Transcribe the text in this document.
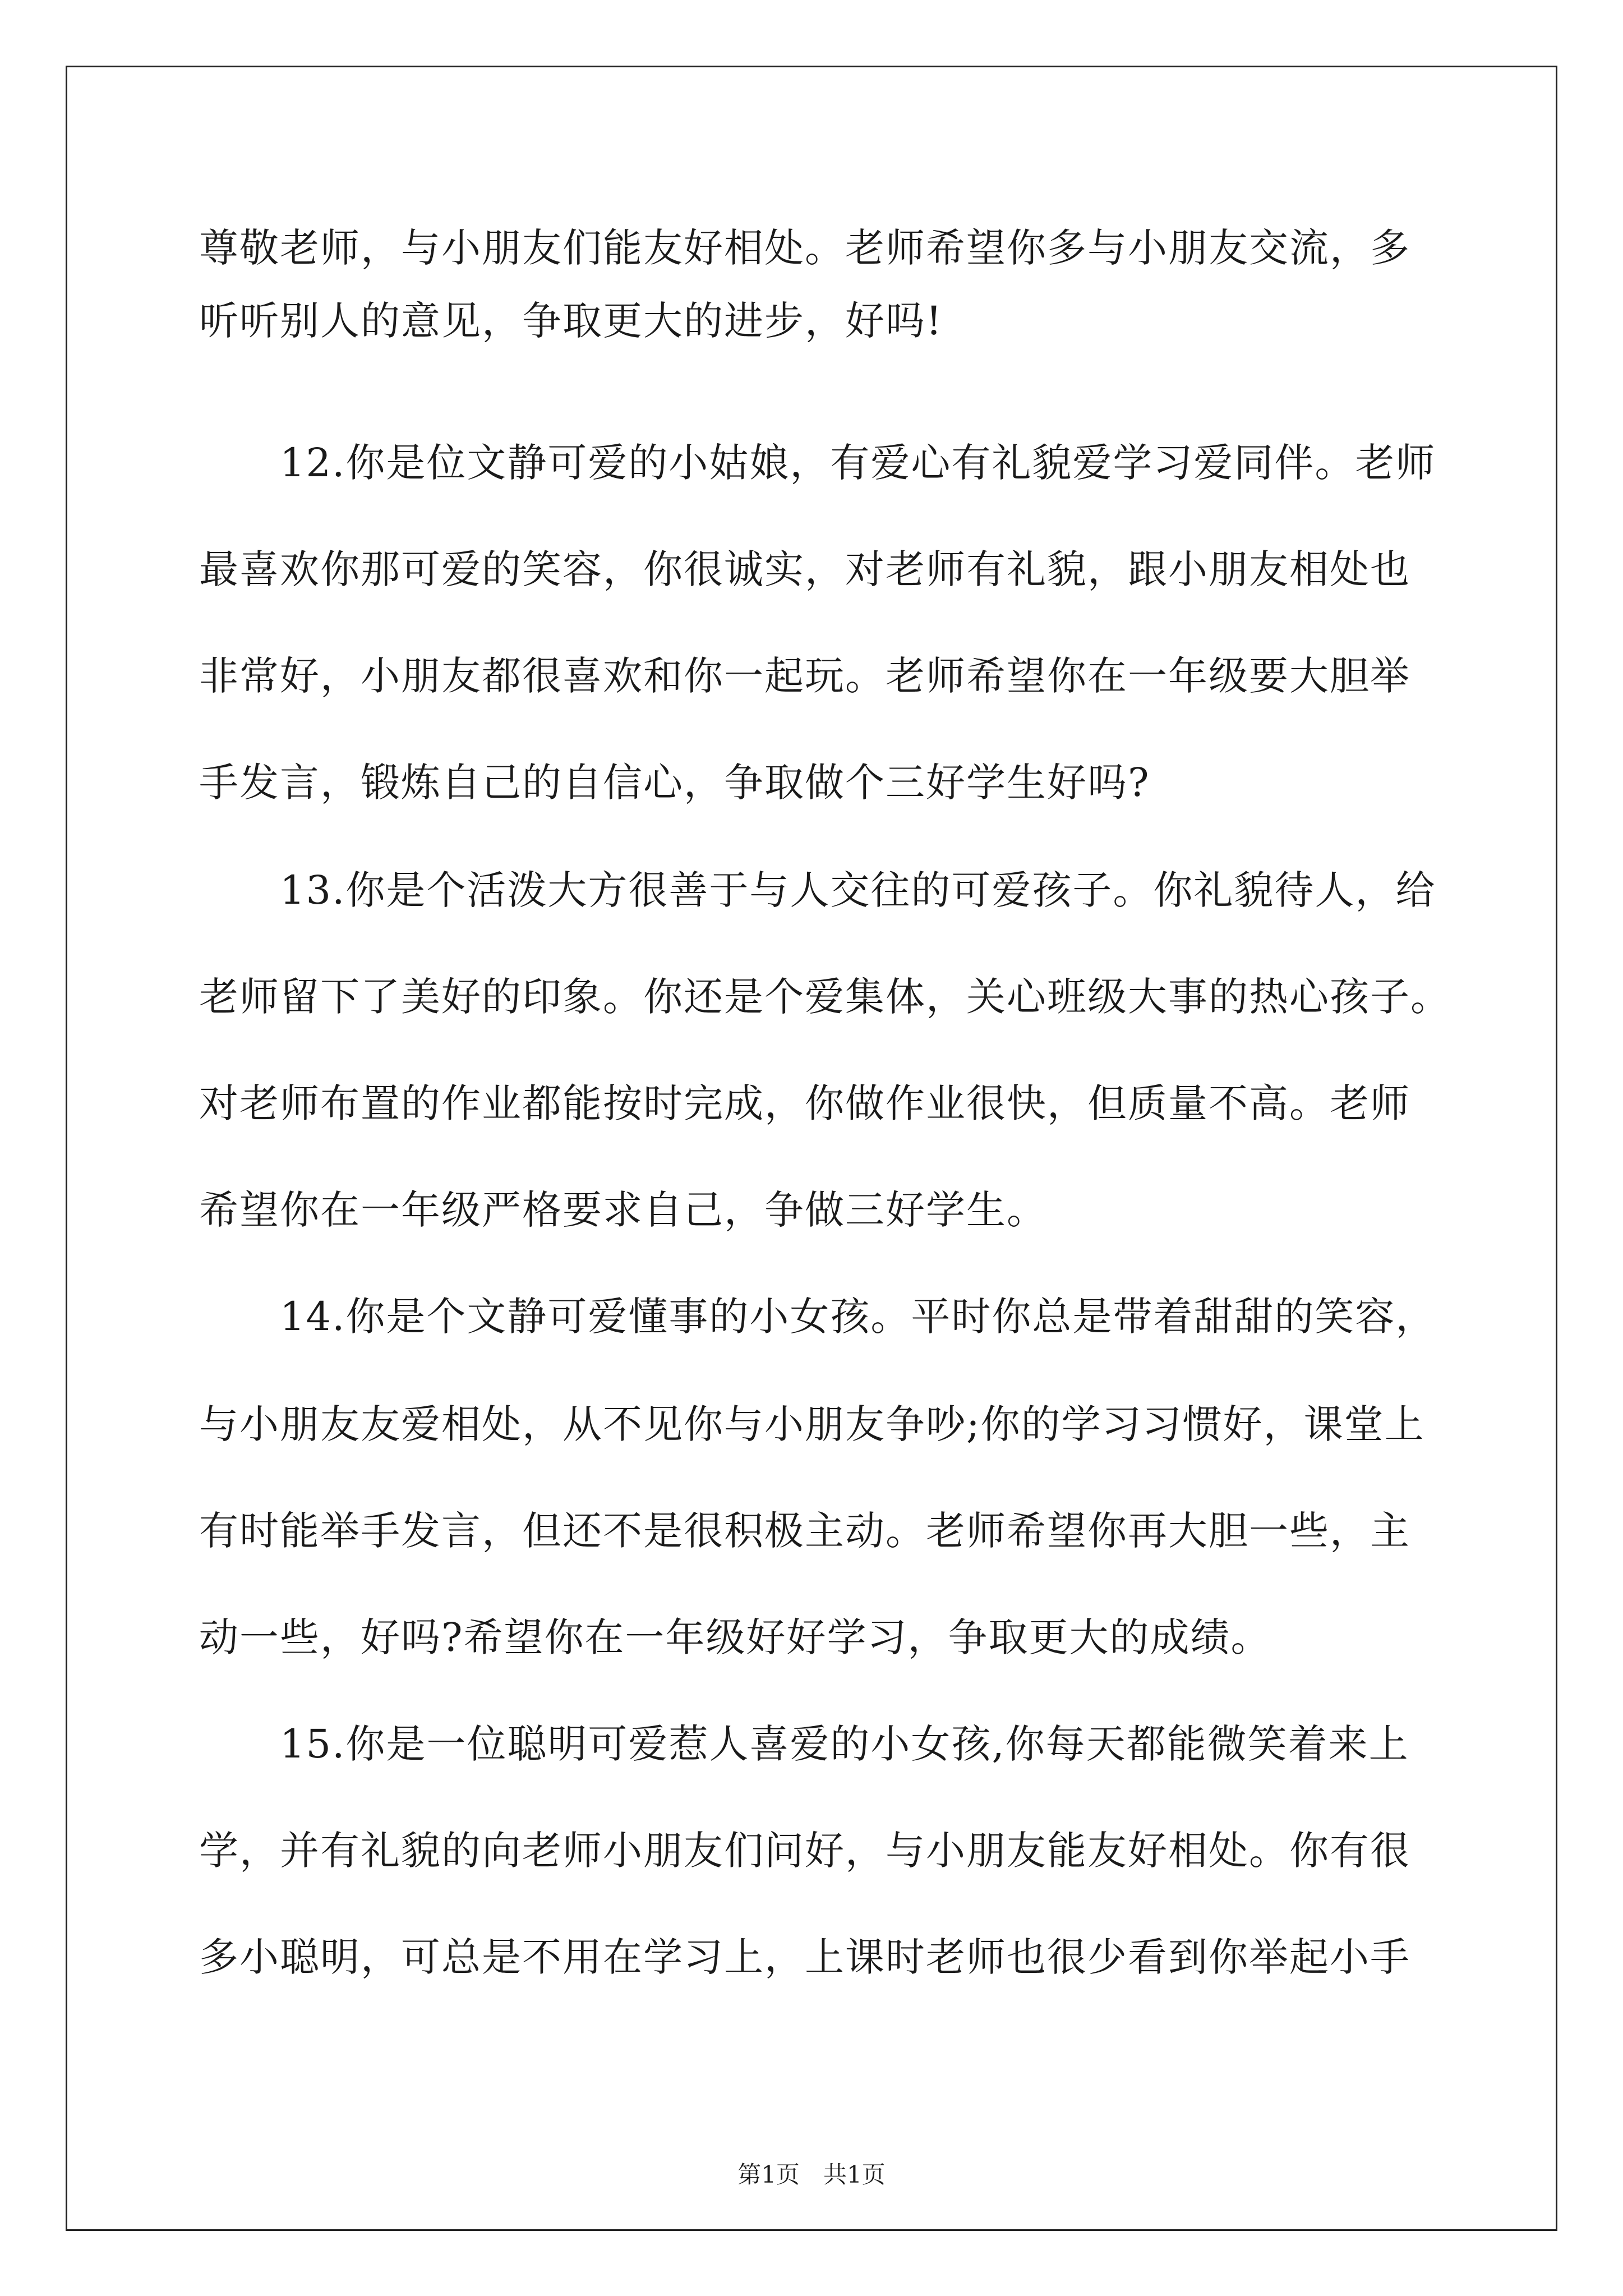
尊敬老师，与小朋友们能友好相处。老师希望你多与小朋友交流，多
听听别人的意见，争取更大的进步，好吗!
　　12.你是位文静可爱的小姑娘，有爱心有礼貌爱学习爱同伴。老师
最喜欢你那可爱的笑容，你很诚实，对老师有礼貌，跟小朋友相处也
非常好，小朋友都很喜欢和你一起玩。老师希望你在一年级要大胆举
手发言，锻炼自己的自信心，争取做个三好学生好吗?
　　13.你是个活泼大方很善于与人交往的可爱孩子。你礼貌待人，给
老师留下了美好的印象。你还是个爱集体，关心班级大事的热心孩子。
对老师布置的作业都能按时完成，你做作业很快，但质量不高。老师
希望你在一年级严格要求自己，争做三好学生。
　　14.你是个文静可爱懂事的小女孩。平时你总是带着甜甜的笑容，
与小朋友友爱相处，从不见你与小朋友争吵;你的学习习惯好，课堂上
有时能举手发言，但还不是很积极主动。老师希望你再大胆一些，主
动一些，好吗?希望你在一年级好好学习，争取更大的成绩。
　　15.你是一位聪明可爱惹人喜爱的小女孩,你每天都能微笑着来上
学，并有礼貌的向老师小朋友们问好，与小朋友能友好相处。你有很
多小聪明，可总是不用在学习上，上课时老师也很少看到你举起小手
第1页　共1页
